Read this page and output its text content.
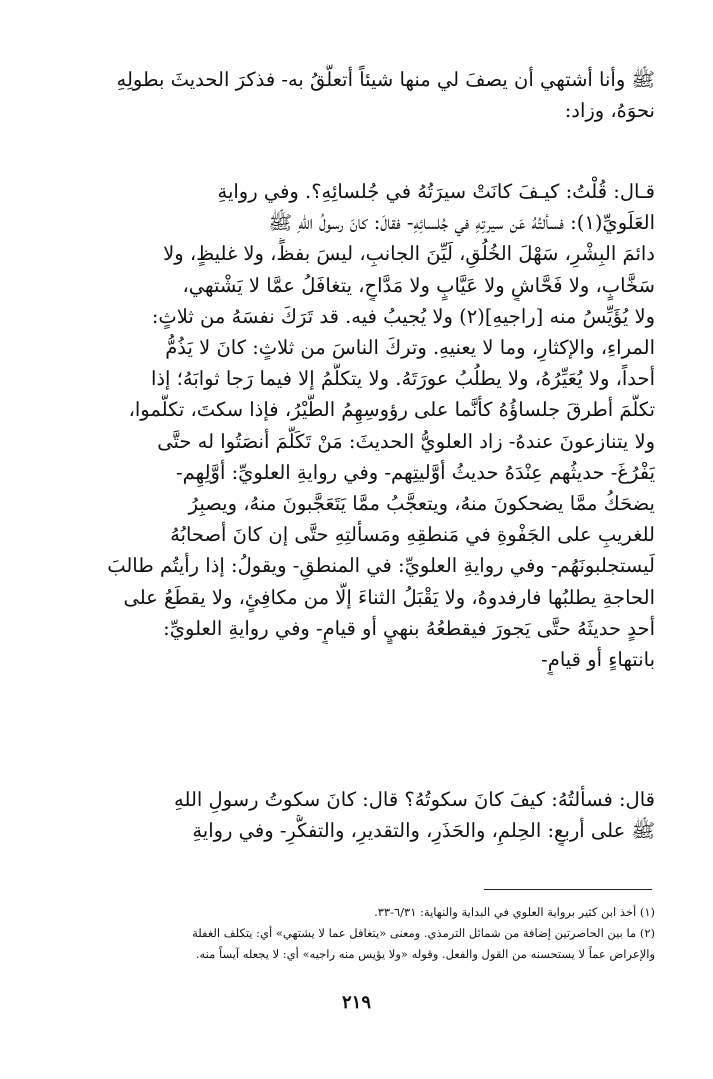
ﷺ وأنا أشتهي أن يصفَ لي منها شيئاً أتعلَّقُ به- فذكرَ الحديثَ بطولِهِ
نحوَهُ، وزاد:
قـال: قُلْتُ: كيـفَ كانَتْ سيرَتُهُ في جُلسائِهِ؟. وفي روايةِ
العَلَويِّ(١): فسألتُهُ عَن سيرتِهِ في جُلسائِهِ- فقالَ: كانَ رسولُ اللهِ ﷺ
دائمَ البِشْرِ، سَهْلَ الخُلُقِ، لَيِّنَ الجانبِ، ليسَ بفظٍّ، ولا غليظٍ، ولا
سَخَّابٍ، ولا فَحَّاشٍ ولا عَيَّابٍ ولا مَدَّاحٍ، يتغافَلُ عمَّا لا يَشْتهي،
ولا يُؤَيِّسُ منه [راجيهِ](٢) ولا يُجيبُ فيه. قد تَرَكَ نفسَهُ من ثلاثٍ:
المراءِ، والإكثارِ، وما لا يعنيهِ. وتركَ الناسَ من ثلاثٍ: كانَ لا يَذُمُّ
أحداً، ولا يُعَيِّرُهُ، ولا يطلُبُ عورَتَهُ. ولا يتكلَّمُ إلا فيما رَجا ثوابَهُ؛ إذا
تكلَّمَ أطرقَ جلساؤُهُ كأنَّما على رؤوسِهِمُ الطَّيْرُ، فإذا سكتَ، تكلَّموا،
ولا يتنازعونَ عندهُ- زاد العلويُّ الحديثَ: مَنْ تَكَلَّمَ أنصَتُوا له حتَّى
يَفْرُغَ- حديثُهم عِنْدَهُ حديثُ أوَّليتِهم- وفي روايةِ العلويِّ: أوَّلِهِم-
يضحَكُ ممَّا يضحكونَ منهُ، ويتعجَّبُ ممَّا يَتَعَجَّبونَ منهُ، ويصبِرُ
للغريبِ على الجَفْوةِ في مَنطقِهِ ومَسألتِهِ حتَّى إن كانَ أصحابُهُ
لَيستجلبونَهُم- وفي روايةِ العلويِّ: في المنطقِ- ويقولُ: إذا رأيتُم طالبَ
الحاجةِ يطلبُها فارفدوهُ، ولا يَقْبَلُ الثناءَ إلَّا من مكافِئٍ، ولا يقطَعُ على
أحدٍ حديثَهُ حتَّى يَجورَ فيقطعُهُ بنهيٍ أو قيامٍ- وفي روايةِ العلويِّ:
بانتهاءٍ أو قيامٍ-
قال: فسألتُهُ: كيفَ كانَ سكوتُهُ؟ قال: كانَ سكوتُ رسولِ اللهِ
ﷺ على أربعٍ: الحِلمِ، والحَذَرِ، والتقديرِ، والتفكُّرِ- وفي روايةِ
(١) أخذ ابن كثير برواية العلوي في البداية والنهاية: ٦/٣١-٣٣.
(٢) ما بين الحاصرتين إضافة من شمائل الترمذي. ومعنى «يتغافل عما لا يشتهي» أي: يتكلف الغفلة
والإعراض عماً لا يستحسنه من القول والفعل. وقوله «ولا يؤيس منه راجيه» أي: لا يجعله آيساً منه.
٢١٩
